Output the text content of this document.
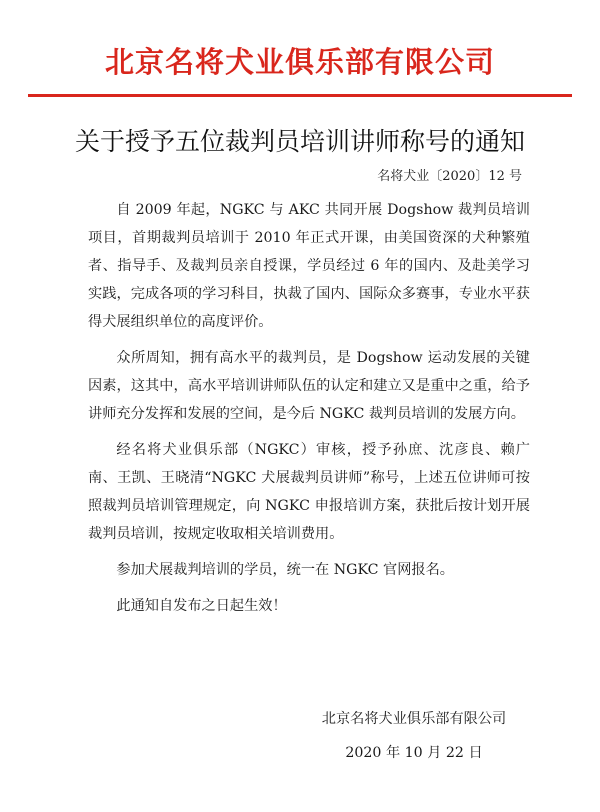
北京名将犬业俱乐部有限公司
关于授予五位裁判员培训讲师称号的通知
名将犬业〔2020〕12 号

自 2009 年起，NGKC 与 AKC 共同开展 Dogshow 裁判员培训项目，首期裁判员培训于 2010 年正式开课，由美国资深的犬种繁殖者、指导手、及裁判员亲自授课，学员经过 6 年的国内、及赴美学习实践，完成各项的学习科目，执裁了国内、国际众多赛事，专业水平获得犬展组织单位的高度评价。

众所周知，拥有高水平的裁判员，是 Dogshow 运动发展的关键因素，这其中，高水平培训讲师队伍的认定和建立又是重中之重，给予讲师充分发挥和发展的空间，是今后 NGKC 裁判员培训的发展方向。

经名将犬业俱乐部（NGKC）审核，授予孙庶、沈彦良、赖广南、王凯、王晓清“NGKC 犬展裁判员讲师”称号，上述五位讲师可按照裁判员培训管理规定，向 NGKC 申报培训方案，获批后按计划开展裁判员培训，按规定收取相关培训费用。

参加犬展裁判培训的学员，统一在 NGKC 官网报名。

此通知自发布之日起生效！

北京名将犬业俱乐部有限公司
2020 年 10 月 22 日
